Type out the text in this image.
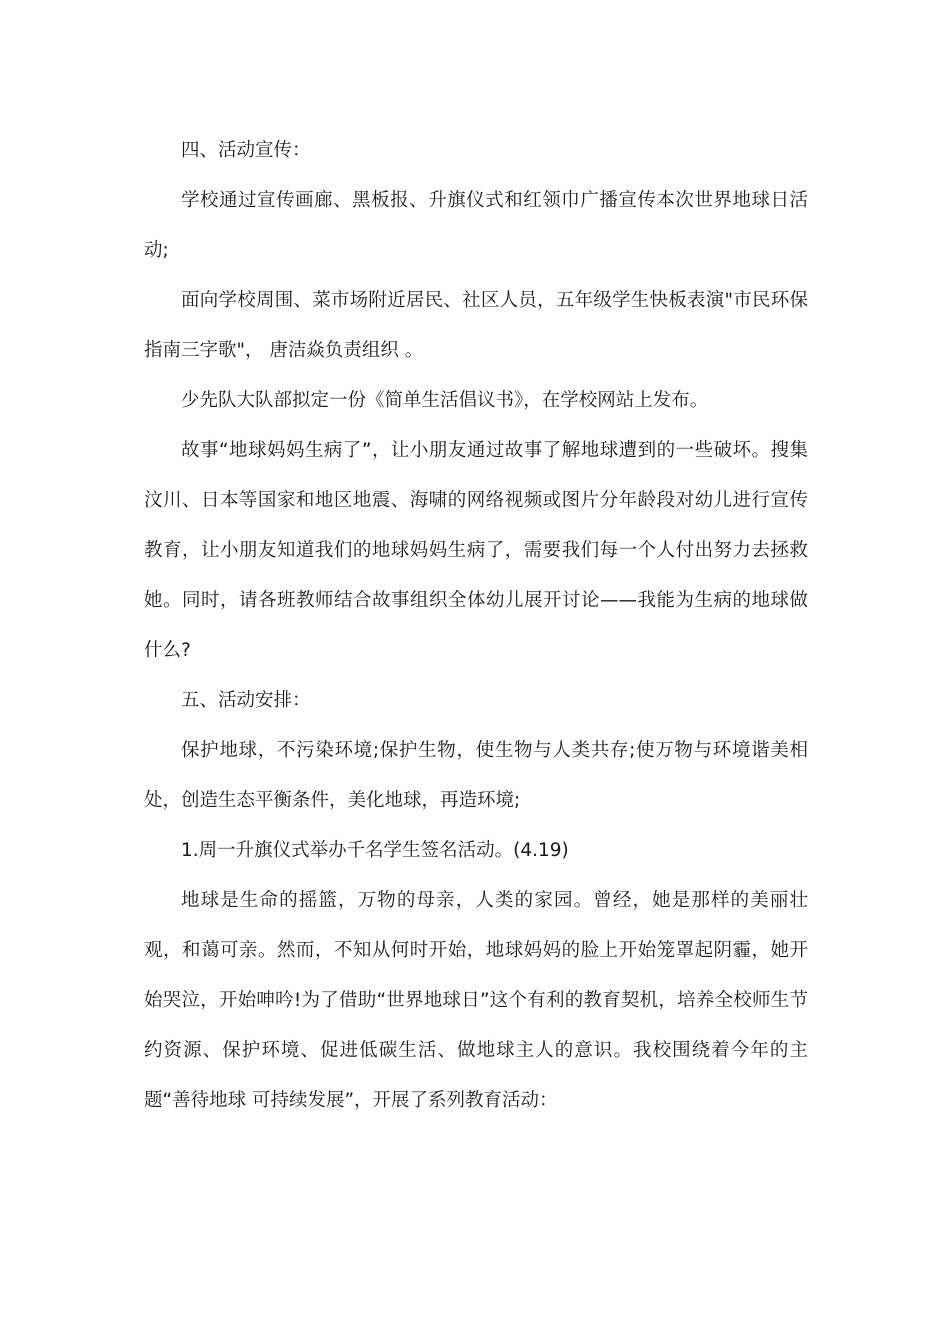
四、活动宣传：

学校通过宣传画廊、黑板报、升旗仪式和红领巾广播宣传本次世界地球日活动;

面向学校周围、菜市场附近居民、社区人员，五年级学生快板表演"市民环保指南三字歌"， 唐洁焱负责组织 。

少先队大队部拟定一份《简单生活倡议书》，在学校网站上发布。

故事“地球妈妈生病了”，让小朋友通过故事了解地球遭到的一些破坏。搜集汶川、日本等国家和地区地震、海啸的网络视频或图片分年龄段对幼儿进行宣传教育，让小朋友知道我们的地球妈妈生病了，需要我们每一个人付出努力去拯救她。同时，请各班教师结合故事组织全体幼儿展开讨论——我能为生病的地球做什么?

五、活动安排：

保护地球，不污染环境;保护生物，使生物与人类共存;使万物与环境谐美相处，创造生态平衡条件，美化地球，再造环境;

1.周一升旗仪式举办千名学生签名活动。(4.19)

地球是生命的摇篮，万物的母亲，人类的家园。曾经，她是那样的美丽壮观，和蔼可亲。然而，不知从何时开始，地球妈妈的脸上开始笼罩起阴霾，她开始哭泣，开始呻吟!为了借助“世界地球日”这个有利的教育契机，培养全校师生节约资源、保护环境、促进低碳生活、做地球主人的意识。我校围绕着今年的主题“善待地球 可持续发展”，开展了系列教育活动：
